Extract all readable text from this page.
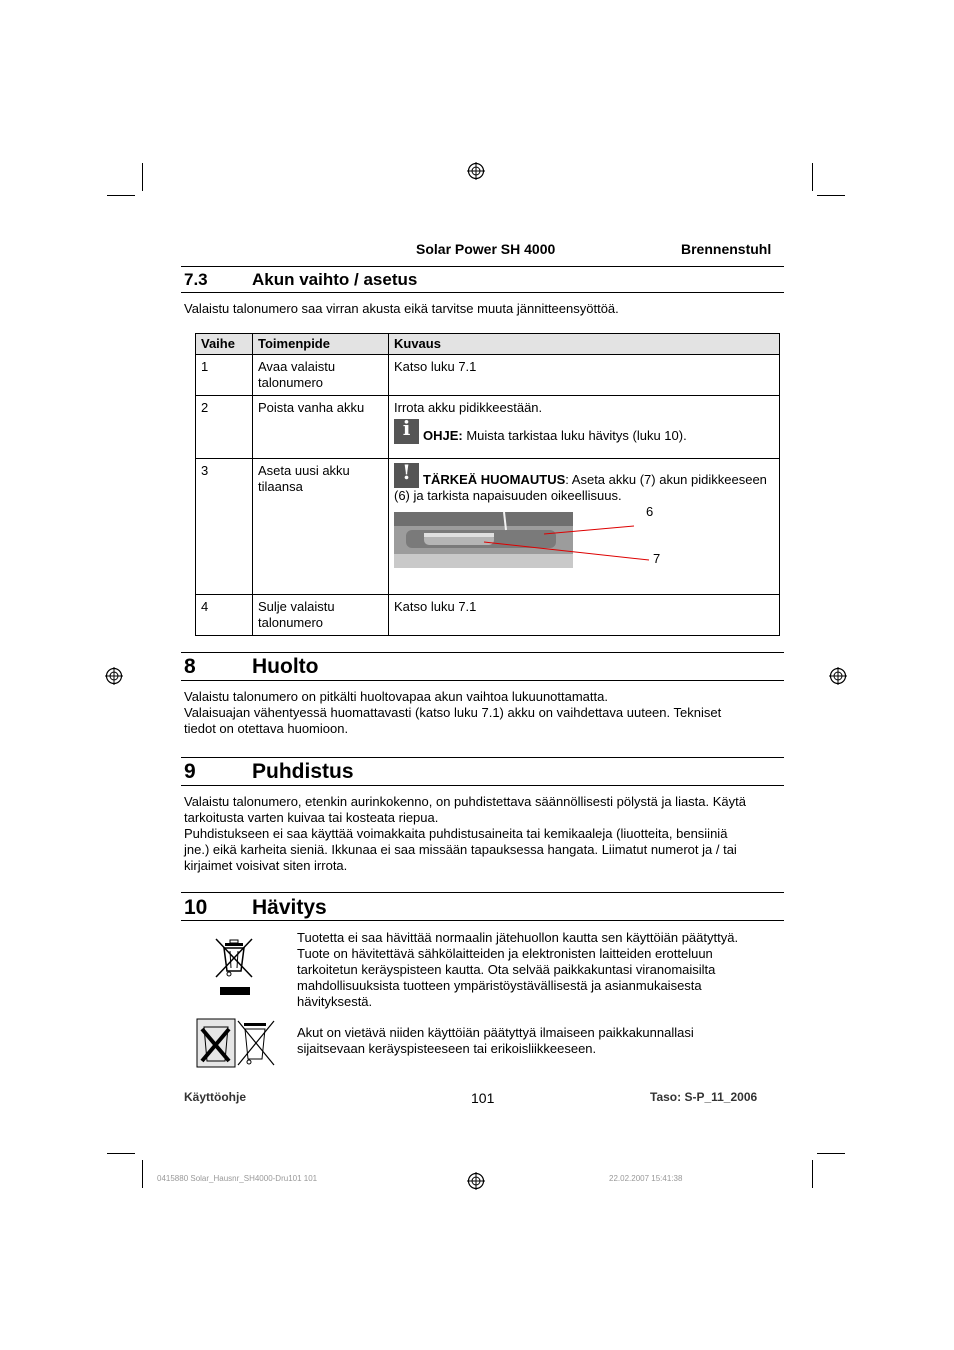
Solar Power SH 4000	Brennenstuhl
7.3	Akun vaihto / asetus
Valaistu talonumero saa virran akusta eikä tarvitse muuta jännitteensyöttöä.
Vaihe	Toimenpide	Kuvaus
1	Avaa valaistu talonumero	Katso luku 7.1
2	Poista vanha akku	Irrota akku pidikkeestään.
i OHJE: Muista tarkistaa luku hävitys (luku 10).

3	Aseta uusi akku tilaansa	! TÄRKEÄ HUOMAUTUS: Aseta akku (7) akun pidikkeeseen (6) ja tarkista napaisuuden oikeellisuus.
6
7

4	Sulje valaistu talonumero	Katso luku 7.1
8	Huolto
Valaistu talonumero on pitkälti huoltovapaa akun vaihtoa lukuunottamatta.
Valaisuajan vähentyessä huomattavasti (katso luku 7.1) akku on vaihdettava uuteen. Tekniset
tiedot on otettava huomioon.
9	Puhdistus
Valaistu talonumero, etenkin aurinkokenno, on puhdistettava säännöllisesti pölystä ja liasta. Käytä
tarkoitusta varten kuivaa tai kosteata riepua.
Puhdistukseen ei saa käyttää voimakkaita puhdistusaineita tai kemikaaleja (liuotteita, bensiiniä
jne.) eikä karheita sieniä. Ikkunaa ei saa missään tapauksessa hangata. Liimatut numerot ja / tai
kirjaimet voisivat siten irrota.
10 Hävitys
Tuotetta ei saa hävittää normaalin jätehuollon kautta sen käyttöiän päätyttyä.
Tuote on hävitettävä sähkölaitteiden ja elektronisten laitteiden erotteluun
tarkoitetun keräyspisteen kautta. Ota selvää paikkakuntasi viranomaisilta
mahdollisuuksista tuotteen ympäristöystävällisestä ja asianmukaisesta
hävityksestä.
Akut on vietävä niiden käyttöiän päätyttyä ilmaiseen paikkakunnallasi
sijaitsevaan keräyspisteeseen tai erikoisliikkeeseen.
Käyttöohje	101	Taso: S-P_11_2006
0415880 Solar_Hausnr_SH4000-Dru101 101	22.02.2007 15:41:38
